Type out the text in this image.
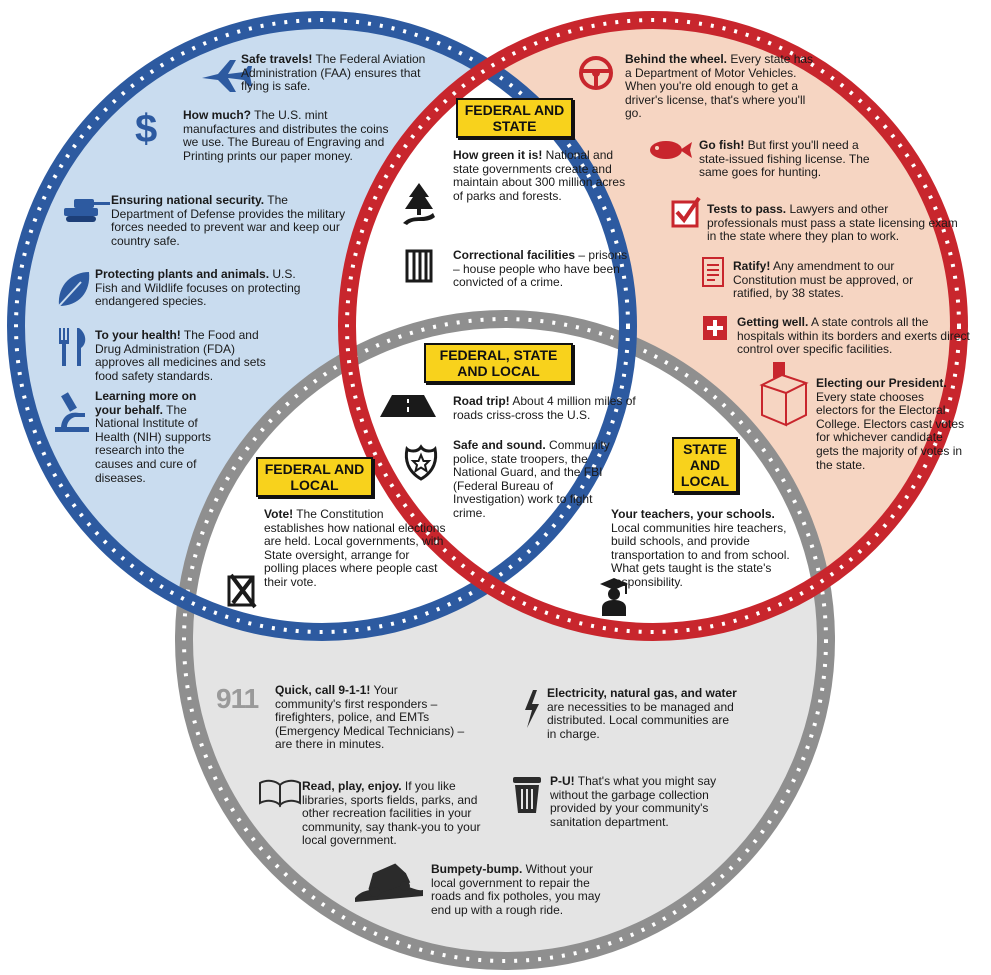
$	FEDERAL AND STATE
FEDERAL, STATE AND LOCAL
FEDERAL AND LOCAL
STATE AND LOCAL
Safe travels! The Federal Aviation Administration (FAA) ensures that flying is safe.
How much? The U.S. mint manufactures and distributes the coins we use. The Bureau of Engraving and Printing prints our paper money.
Ensuring national security. The Department of Defense provides the military forces needed to prevent war and keep our country safe.
Protecting plants and animals. U.S. Fish and Wildlife focuses on protecting endangered species.
To your health! The Food and Drug Administration (FDA) approves all medicines and sets food safety standards.
Learning more on your behalf. The National Institute of Health (NIH) supports research into the causes and cure of diseases.
Behind the wheel. Every state has a Department of Motor Vehicles. When you're old enough to get a driver's license, that's where you'll go.
Go fish! But first you'll need a state-issued fishing license. The same goes for hunting.
Tests to pass. Lawyers and other professionals must pass a state licensing exam in the state where they plan to work.
Ratify! Any amendment to our Constitution must be approved, or ratified, by 38 states.
Getting well. A state controls all the hospitals within its borders and exerts direct control over specific facilities.
Electing our President. Every state chooses electors for the Electoral College. Electors cast votes for whichever candidate gets the majority of votes in the state.
How green it is! National and state governments create and maintain about 300 million acres of parks and forests.
Correctional facilities – prisons – house people who have been convicted of a crime.
Road trip! About 4 million miles of roads criss-cross the U.S.
Safe and sound. Community police, state troopers, the National Guard, and the FBI (Federal Bureau of Investigation) work to fight crime.
Vote! The Constitution establishes how national elections are held. Local governments, with State oversight, arrange for polling places where people cast their vote.
Your teachers, your schools. Local communities hire teachers, build schools, and provide transportation to and from school. What gets taught is the state's responsibility.
911 Quick, call 9-1-1! Your community's first responders – firefighters, police, and EMTs (Emergency Medical Technicians) – are there in minutes.
Electricity, natural gas, and water are necessities to be managed and distributed. Local communities are in charge.
Read, play, enjoy. If you like libraries, sports fields, parks, and other recreation facilities in your community, say thank-you to your local government.
P-U! That's what you might say without the garbage collection provided by your community's sanitation department.
Bumpety-bump. Without your local government to repair the roads and fix potholes, you may end up with a rough ride.
